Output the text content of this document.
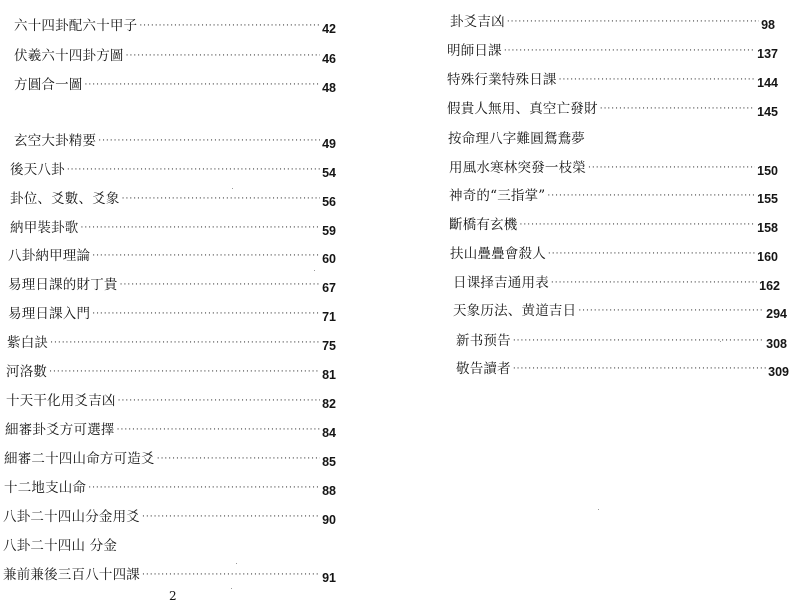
六十四卦配六十甲子 ·····	42
伏羲六十四卦方圖 ·····	46
方圓合一圖 ·····	48
玄空大卦精要 ·····	49
後天八卦 ·····	54
卦位、爻數、爻象 ·····	56
納甲裝卦歌 ·····	59
八卦納甲理論 ·····	60
易理日課的財丁貴 ·····	67
易理日課入門 ·····	71
紫白訣 ·····	75
河洛數 ·····	81
十天干化用爻吉凶 ·····	82
細審卦爻方可選擇 ·····	84
細審二十四山命方可造爻 ·····	85
十二地支山命 ·····	88
八卦二十四山分金用爻 ·····	90
八卦二十四山 分金
兼前兼後三百八十四課 ·····	91
卦爻吉凶 ·····	98
明師日課 ·····	137
特殊行業特殊日課 ·····	144
假貴人無用、真空亡發財 ·····	145
按命理八字難圓鴛鴦夢
用風水寒林突發一枝榮 ·····	150
神奇的“三指掌” ·····	155
斷橋有玄機 ·····	158
扶山疊疊會殺人 ·····	160
日课择吉通用表 ·····	162
天象历法、黄道吉日 ·····	294
新书预告 ·····	308
敬告讀者 ·····	309
2
